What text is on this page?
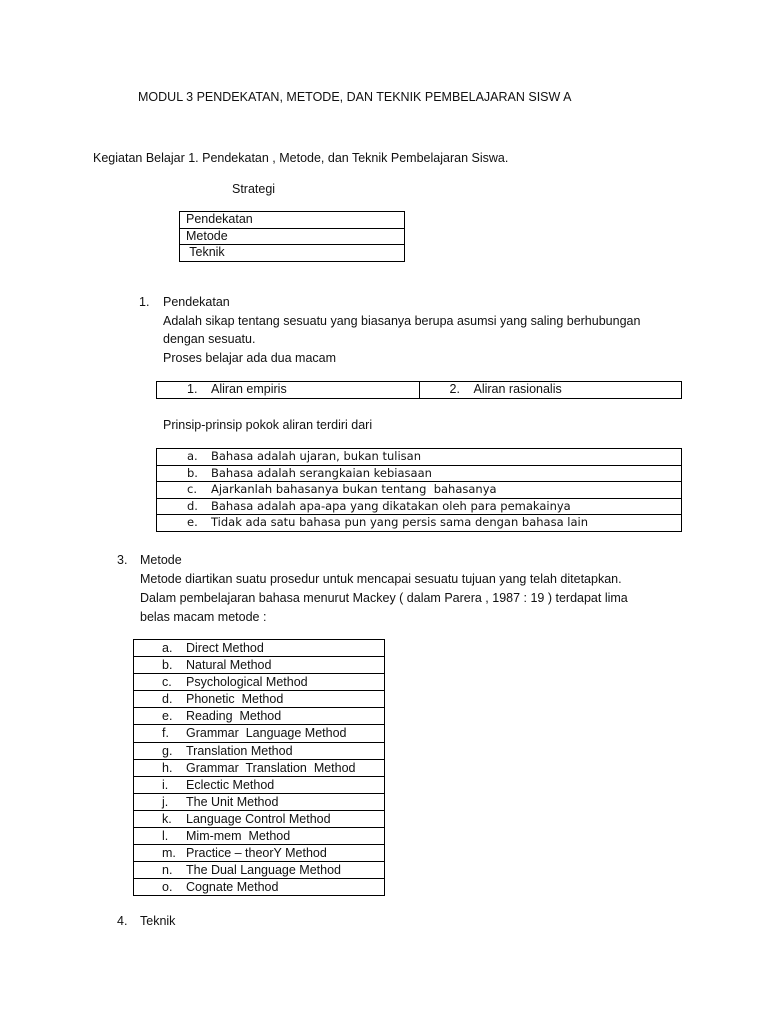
MODUL 3 PENDEKATAN, METODE, DAN TEKNIK PEMBELAJARAN SISW A
Kegiatan Belajar 1. Pendekatan , Metode, dan Teknik Pembelajaran Siswa.
Strategi
Pendekatan
Metode
Teknik
1. Pendekatan
Adalah sikap tentang sesuatu yang biasanya berupa asumsi yang saling berhubungan
dengan sesuatu.
Proses belajar ada dua macam
1. Aliran empiris	2. Aliran rasionalis
Prinsip-prinsip pokok aliran terdiri dari
a. Bahasa adalah ujaran, bukan tulisan
b. Bahasa adalah serangkaian kebiasaan
c. Ajarkanlah bahasanya bukan tentang  bahasanya
d. Bahasa adalah apa-apa yang dikatakan oleh para pemakainya
e. Tidak ada satu bahasa pun yang persis sama dengan bahasa lain
3. Metode
Metode diartikan suatu prosedur untuk mencapai sesuatu tujuan yang telah ditetapkan.
Dalam pembelajaran bahasa menurut Mackey ( dalam Parera , 1987 : 19 ) terdapat lima
belas macam metode :
a. Direct Method
b. Natural Method
c. Psychological Method
d. Phonetic  Method
e. Reading  Method
f. Grammar  Language Method
g. Translation Method
h. Grammar  Translation  Method
i. Eclectic Method
j. The Unit Method
k. Language Control Method
l. Mim-mem  Method
m. Practice – theorY Method
n. The Dual Language Method
o. Cognate Method
4. Teknik
